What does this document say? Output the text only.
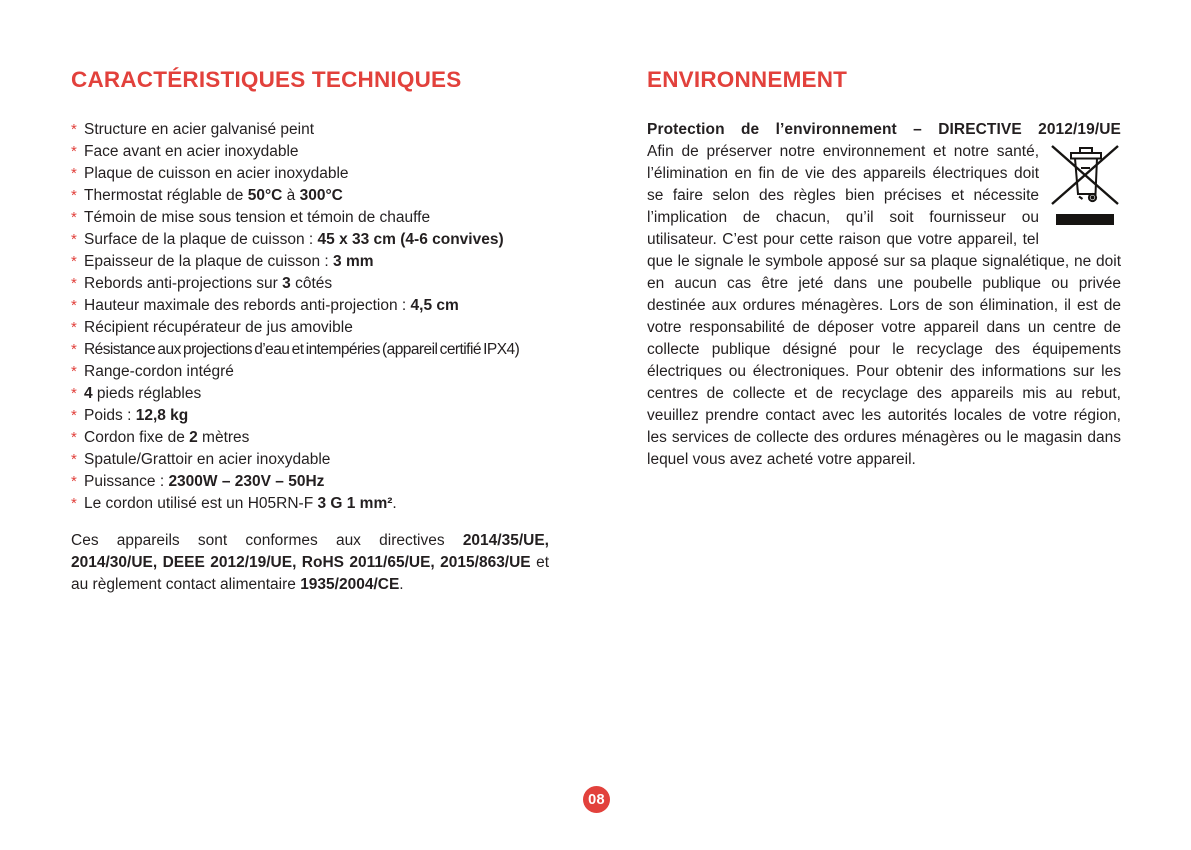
CARACTÉRISTIQUES TECHNIQUES
* Structure en acier galvanisé peint
* Face avant en acier inoxydable
* Plaque de cuisson en acier inoxydable
* Thermostat réglable de 50°C à 300°C
* Témoin de mise sous tension et témoin de chauffe
* Surface de la plaque de cuisson : 45 x 33 cm (4-6 convives)
* Epaisseur de la plaque de cuisson : 3 mm
* Rebords anti-projections sur 3 côtés
* Hauteur maximale des rebords anti-projection : 4,5 cm
* Récipient récupérateur de jus amovible
* Résistance aux projections d’eau et intempéries (appareil certifié IPX4)
* Range-cordon intégré
* 4 pieds réglables
* Poids : 12,8 kg
* Cordon fixe de 2 mètres
* Spatule/Grattoir en acier inoxydable
* Puissance : 2300W – 230V – 50Hz
* Le cordon utilisé est un H05RN-F 3 G 1 mm².

Ces appareils sont conformes aux directives 2014/35/UE, 2014/30/UE, DEEE 2012/19/UE, RoHS 2011/65/UE, 2015/863/UE et au règlement contact alimentaire 1935/2004/CE.

ENVIRONNEMENT
Protection de l’environnement – DIRECTIVE 2012/19/UE
Afin de préserver notre environnement et notre santé, l’élimination en fin de vie des appareils électriques doit se faire selon des règles bien précises et nécessite l’implication de chacun, qu’il soit fournisseur ou utilisateur. C’est pour cette raison que votre appareil, tel que le signale le symbole apposé sur sa plaque signalétique, ne doit en aucun cas être jeté dans une poubelle publique ou privée destinée aux ordures ménagères. Lors de son élimination, il est de votre responsabilité de déposer votre appareil dans un centre de collecte publique désigné pour le recyclage des équipements électriques ou électroniques. Pour obtenir des informations sur les centres de collecte et de recyclage des appareils mis au rebut, veuillez prendre contact avec les autorités locales de votre région, les services de collecte des ordures ménagères ou le magasin dans lequel vous avez acheté votre appareil.
08
